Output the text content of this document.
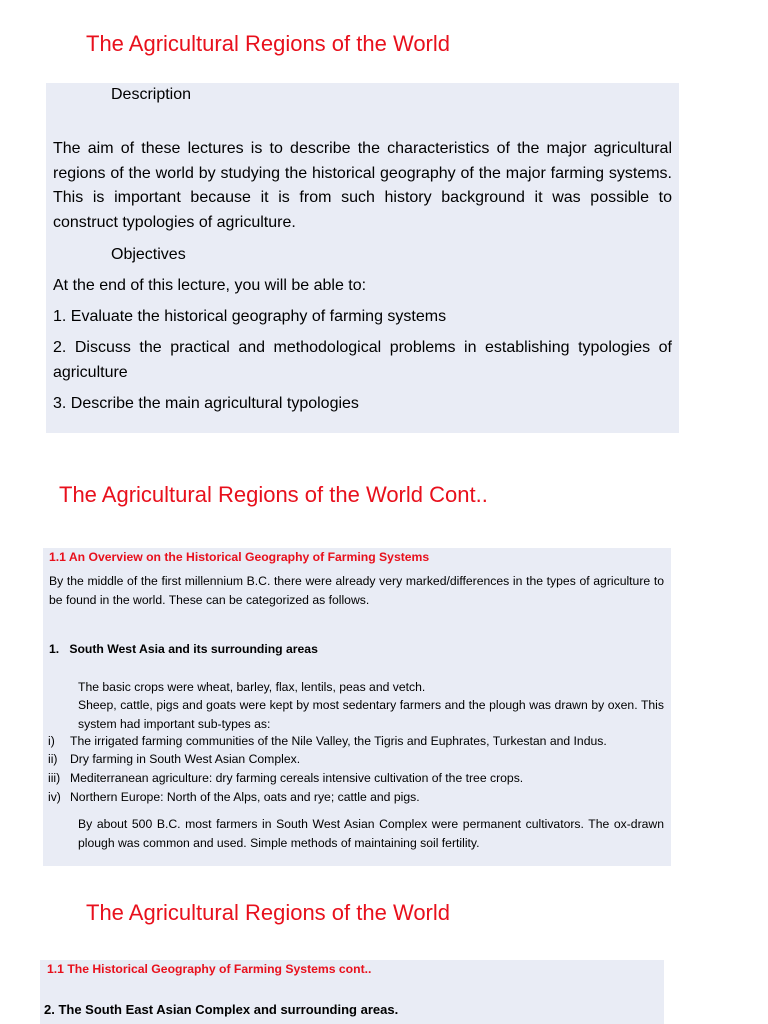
The Agricultural Regions of the World
Description

The aim of these lectures is to describe the characteristics of the major agricultural regions of the world by studying the historical geography of the major farming systems. This is important because it is from such history background it was possible to construct typologies of agriculture.

Objectives
At the end of this lecture, you will be able to:
1. Evaluate the historical geography of farming systems

2. Discuss the practical and methodological problems in establishing typologies of agriculture

3. Describe the main agricultural typologies
The Agricultural Regions of the World Cont..
1.1 An Overview on the Historical Geography of Farming Systems

By the middle of the first millennium B.C. there were already very marked/differences in the types of agriculture to be found in the world. These can be categorized as follows.

1.   South West Asia and its surrounding areas
The basic crops were wheat, barley, flax, lentils, peas and vetch.

Sheep, cattle, pigs and goats were kept by most sedentary farmers and the plough was drawn by oxen. This system had important sub-types as:

i) The irrigated farming communities of the Nile Valley, the Tigris and Euphrates, Turkestan and Indus.
ii) Dry farming in South West Asian Complex.
iii) Mediterranean agriculture: dry farming cereals intensive cultivation of the tree crops.
iv) Northern Europe: North of the Alps, oats and rye; cattle and pigs.

By about 500 B.C. most farmers in South West Asian Complex were permanent cultivators. The ox-drawn plough was common and used. Simple methods of maintaining soil fertility.

The Agricultural Regions of the World
1.1 The Historical Geography of Farming Systems cont..
2. The South East Asian Complex and surrounding areas.
